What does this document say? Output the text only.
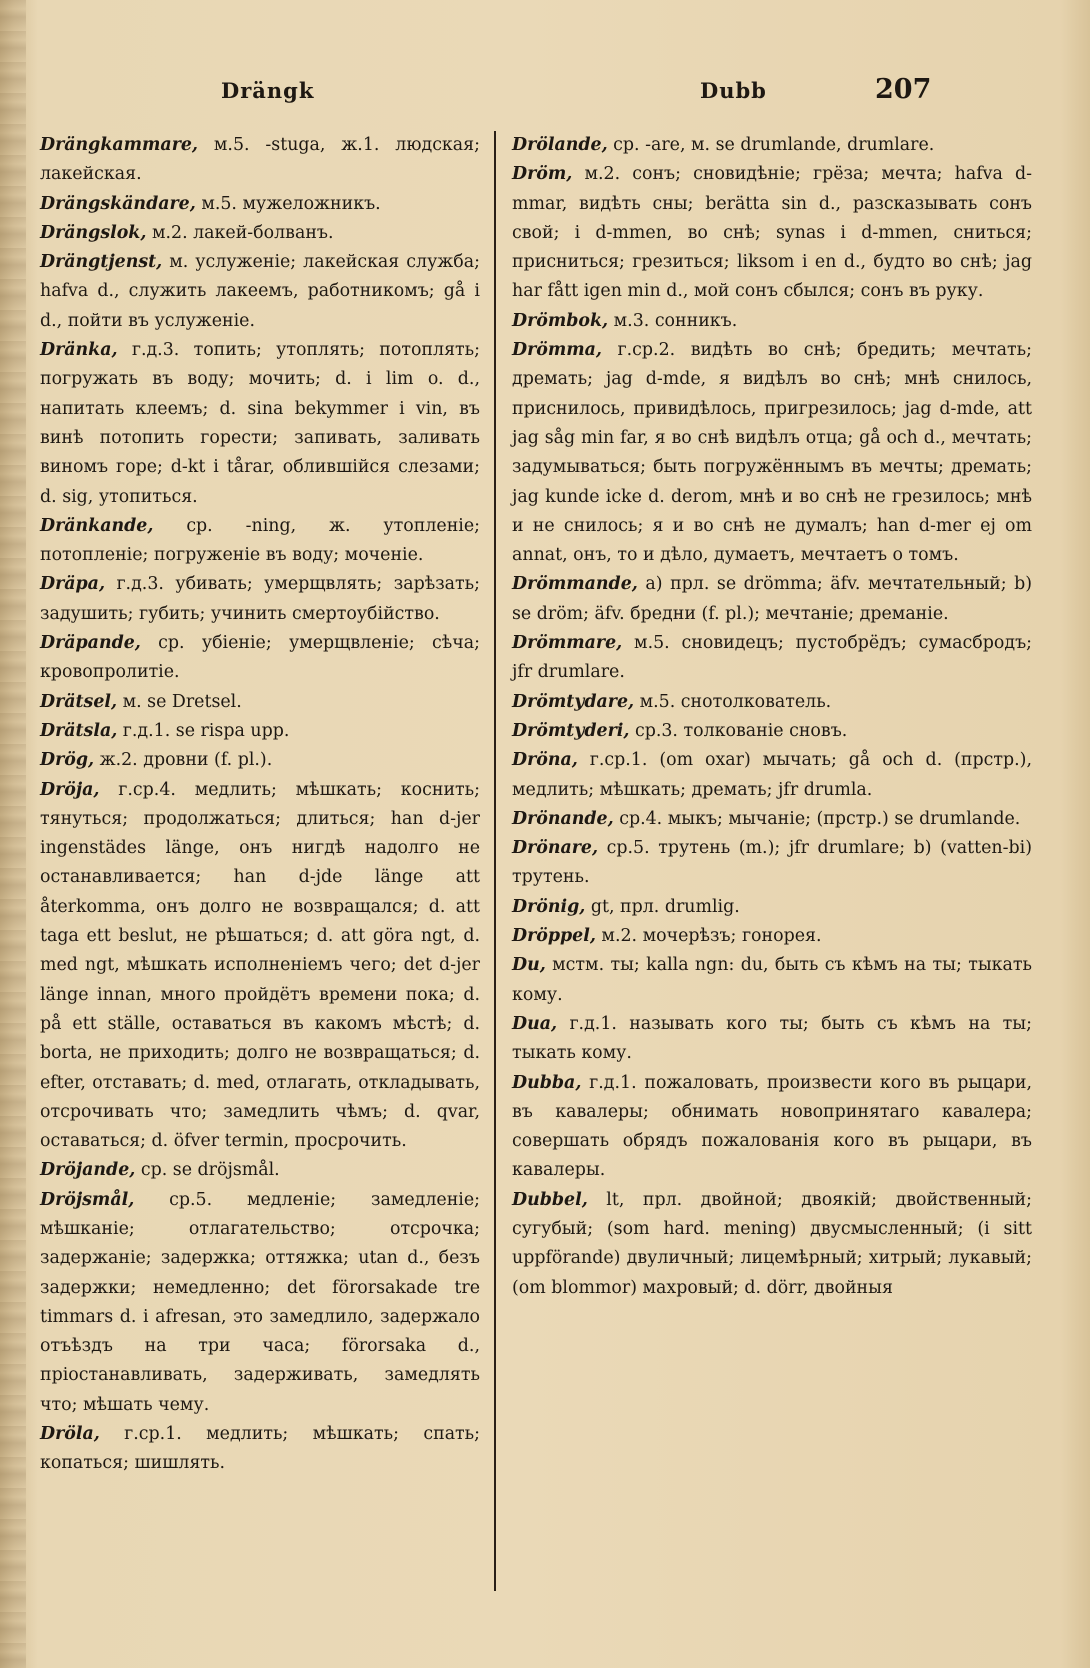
Drängk	Dubb	207

Drängkammare, м.5. -stuga, ж.1. людская; лакейская.

Drängskändare, м.5. мужеложникъ.

Drängslok, м.2. лакей-болванъ.

Drängtjenst, м. услуженіе; лакейская служба; hafva d., служить лакеемъ, работникомъ; gå i d., пойти въ услуженіе.

Dränka, г.д.3. топить; утоплять; потоплять; погружать въ воду; мочить; d. i lim o. d., напитать клеемъ; d. sina bekymmer i vin, въ винѣ потопить горести; запивать, заливать виномъ горе; d-kt i tårar, облившійся слезами; d. sig, утопиться.

Dränkande, ср. -ning, ж. утопленіе; потопленіе; погруженіе въ воду; моченіе.

Dräpa, г.д.3. убивать; умерщвлять; зарѣзать; задушить; губить; учинить смертоубійство.

Dräpande, ср. убіеніе; умерщвленіе; сѣча; кровопролитіе.

Drätsel, м. se Dretsel.

Drätsla, г.д.1. se rispa upp.

Drög, ж.2. дровни (f. pl.).

Dröja, г.ср.4. медлить; мѣшкать; коснить; тянуться; продолжаться; длиться; han d-jer ingenstädes länge, онъ нигдѣ надолго не останавливается; han d-jde länge att återkomma, онъ долго не возвращался; d. att taga ett beslut, не рѣшаться; d. att göra ngt, d. med ngt, мѣшкать исполненіемъ чего; det d-jer länge innan, много пройдётъ времени пока; d. på ett ställe, оставаться въ какомъ мѣстѣ; d. borta, не приходить; долго не возвращаться; d. efter, отставать; d. med, отлагать, откладывать, отсрочивать что; замедлить чѣмъ; d. qvar, оставаться; d. öfver termin, просрочить.

Dröjande, ср. se dröjsmål.

Dröjsmål, ср.5. медленіе; замедленіе; мѣшканіе; отлагательство; отсрочка; задержаніе; задержка; оттяжка; utan d., безъ задержки; немедленно; det förorsakade tre timmars d. i afresan, это замедлило, задержало отъѣздъ на три часа; förorsaka d., пріостанавливать, задерживать, замедлять что; мѣшать чему.

Dröla, г.ср.1. медлить; мѣшкать; спать; копаться; шишлять.

Drölande, ср. -are, м. se drumlande, drumlare.

Dröm, м.2. сонъ; сновидѣніе; грёза; мечта; hafva d-mmar, видѣть сны; berätta sin d., разсказывать сонъ свой; i d-mmen, во снѣ; synas i d-mmen, сниться; присниться; грезиться; liksom i en d., будто во снѣ; jag har fått igen min d., мой сонъ сбылся; сонъ въ руку.

Drömbok, м.3. сонникъ.

Drömma, г.ср.2. видѣть во снѣ; бредить; мечтать; дремать; jag d-mde, я видѣлъ во снѣ; мнѣ снилось, приснилось, привидѣлось, пригрезилось; jag d-mde, att jag såg min far, я во снѣ видѣлъ отца; gå och d., мечтать; задумываться; быть погружённымъ въ мечты; дремать; jag kunde icke d. derom, мнѣ и во снѣ не грезилось; мнѣ и не снилось; я и во снѣ не думалъ; han d-mer ej om annat, онъ, то и дѣло, думаетъ, мечтаетъ о томъ.

Drömmande, a) прл. se drömma; äfv. мечтательный; b) se dröm; äfv. бредни (f. pl.); мечтаніе; дреманіе.

Drömmare, м.5. сновидецъ; пустобрёдъ; сумасбродъ; jfr drumlare.

Drömtydare, м.5. снотолкователь.

Drömtyderi, ср.3. толкованіе сновъ.

Dröna, г.ср.1. (om oxar) мычать; gå och d. (прстр.), медлить; мѣшкать; дремать; jfr drumla.

Drönande, ср.4. мыкъ; мычаніе; (прстр.) se drumlande.

Drönare, ср.5. трутень (m.); jfr drumlare; b) (vatten-bi) трутень.

Drönig, gt, прл. drumlig.

Dröppel, м.2. мочерѣзъ; гонорея.

Du, мстм. ты; kalla ngn: du, быть съ кѣмъ на ты; тыкать кому.

Dua, г.д.1. называть кого ты; быть съ кѣмъ на ты; тыкать кому.

Dubba, г.д.1. пожаловать, произвести кого въ рыцари, въ кавалеры; обнимать новопринятаго кавалера; совершать обрядъ пожалованія кого въ рыцари, въ кавалеры.

Dubbel, lt, прл. двойной; двоякій; двойственный; сугубый; (som hard. mening) двусмысленный; (i sitt uppförande) двуличный; лицемѣрный; хитрый; лукавый; (om blommor) махровый; d. dörr, двойныя
